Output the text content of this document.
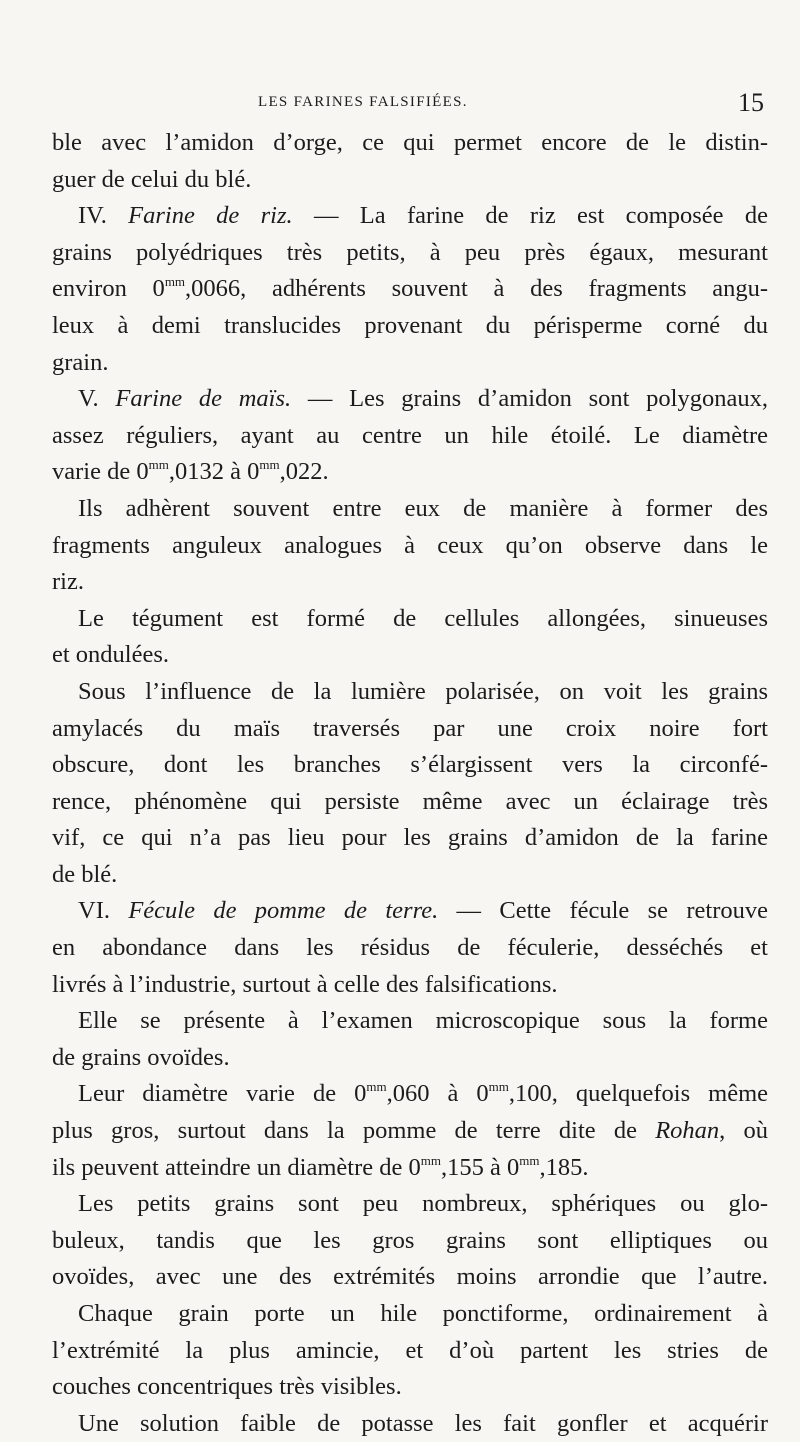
LES FARINES FALSIFIÉES.	15
ble avec l’amidon d’orge, ce qui permet encore de le distin-
guer de celui du blé.
IV. Farine de riz. — La farine de riz est composée de
grains polyédriques très petits, à peu près égaux, mesurant
environ $0^{mm},0066$, adhérents souvent à des fragments angu-
leux à demi translucides provenant du périsperme corné du
grain.
V. Farine de maïs. — Les grains d’amidon sont polygonaux,
assez réguliers, ayant au centre un hile étoilé. Le diamètre
varie de $0^{mm},0132$ à $0^{mm},022$.
Ils adhèrent souvent entre eux de manière à former des
fragments anguleux analogues à ceux qu’on observe dans le
riz.
Le tégument est formé de cellules allongées, sinueuses
et ondulées.
Sous l’influence de la lumière polarisée, on voit les grains
amylacés du maïs traversés par une croix noire fort
obscure, dont les branches s’élargissent vers la circonfé-
rence, phénomène qui persiste même avec un éclairage très
vif, ce qui n’a pas lieu pour les grains d’amidon de la farine
de blé.
VI. Fécule de pomme de terre. — Cette fécule se retrouve
en abondance dans les résidus de féculerie, desséchés et
livrés à l’industrie, surtout à celle des falsifications.
Elle se présente à l’examen microscopique sous la forme
de grains ovoïdes.
Leur diamètre varie de $0^{mm},060$ à $0^{mm},100$, quelquefois même
plus gros, surtout dans la pomme de terre dite de Rohan, où
ils peuvent atteindre un diamètre de $0^{mm},155$ à $0^{mm},185$.
Les petits grains sont peu nombreux, sphériques ou glo-
buleux, tandis que les gros grains sont elliptiques ou
ovoïdes, avec une des extrémités moins arrondie que l’autre.
Chaque grain porte un hile ponctiforme, ordinairement à
l’extrémité la plus amincie, et d’où partent les stries de
couches concentriques très visibles.
Une solution faible de potasse les fait gonfler et acquérir
